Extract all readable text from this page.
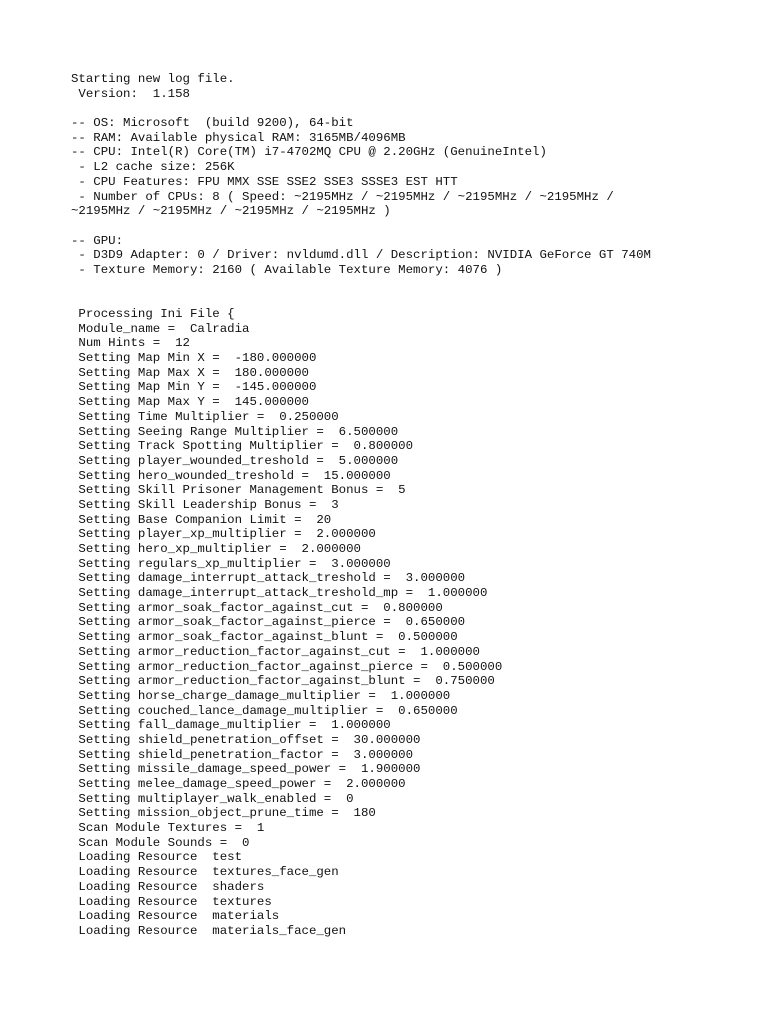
Starting new log file.
Version:  1.158
-- OS: Microsoft  (build 9200), 64-bit
-- RAM: Available physical RAM: 3165MB/4096MB
-- CPU: Intel(R) Core(TM) i7-4702MQ CPU @ 2.20GHz (GenuineIntel)
- L2 cache size: 256K
- CPU Features: FPU MMX SSE SSE2 SSE3 SSSE3 EST HTT
- Number of CPUs: 8 ( Speed: ~2195MHz / ~2195MHz / ~2195MHz / ~2195MHz /
~2195MHz / ~2195MHz / ~2195MHz / ~2195MHz )
-- GPU:
- D3D9 Adapter: 0 / Driver: nvldumd.dll / Description: NVIDIA GeForce GT 740M
- Texture Memory: 2160 ( Available Texture Memory: 4076 )
Processing Ini File {
Module_name =  Calradia
Num Hints =  12
Setting Map Min X =  -180.000000
Setting Map Max X =  180.000000
Setting Map Min Y =  -145.000000
Setting Map Max Y =  145.000000
Setting Time Multiplier =  0.250000
Setting Seeing Range Multiplier =  6.500000
Setting Track Spotting Multiplier =  0.800000
Setting player_wounded_treshold =  5.000000
Setting hero_wounded_treshold =  15.000000
Setting Skill Prisoner Management Bonus =  5
Setting Skill Leadership Bonus =  3
Setting Base Companion Limit =  20
Setting player_xp_multiplier =  2.000000
Setting hero_xp_multiplier =  2.000000
Setting regulars_xp_multiplier =  3.000000
Setting damage_interrupt_attack_treshold =  3.000000
Setting damage_interrupt_attack_treshold_mp =  1.000000
Setting armor_soak_factor_against_cut =  0.800000
Setting armor_soak_factor_against_pierce =  0.650000
Setting armor_soak_factor_against_blunt =  0.500000
Setting armor_reduction_factor_against_cut =  1.000000
Setting armor_reduction_factor_against_pierce =  0.500000
Setting armor_reduction_factor_against_blunt =  0.750000
Setting horse_charge_damage_multiplier =  1.000000
Setting couched_lance_damage_multiplier =  0.650000
Setting fall_damage_multiplier =  1.000000
Setting shield_penetration_offset =  30.000000
Setting shield_penetration_factor =  3.000000
Setting missile_damage_speed_power =  1.900000
Setting melee_damage_speed_power =  2.000000
Setting multiplayer_walk_enabled =  0
Setting mission_object_prune_time =  180
Scan Module Textures =  1
Scan Module Sounds =  0
Loading Resource  test
Loading Resource  textures_face_gen
Loading Resource  shaders
Loading Resource  textures
Loading Resource  materials
Loading Resource  materials_face_gen
